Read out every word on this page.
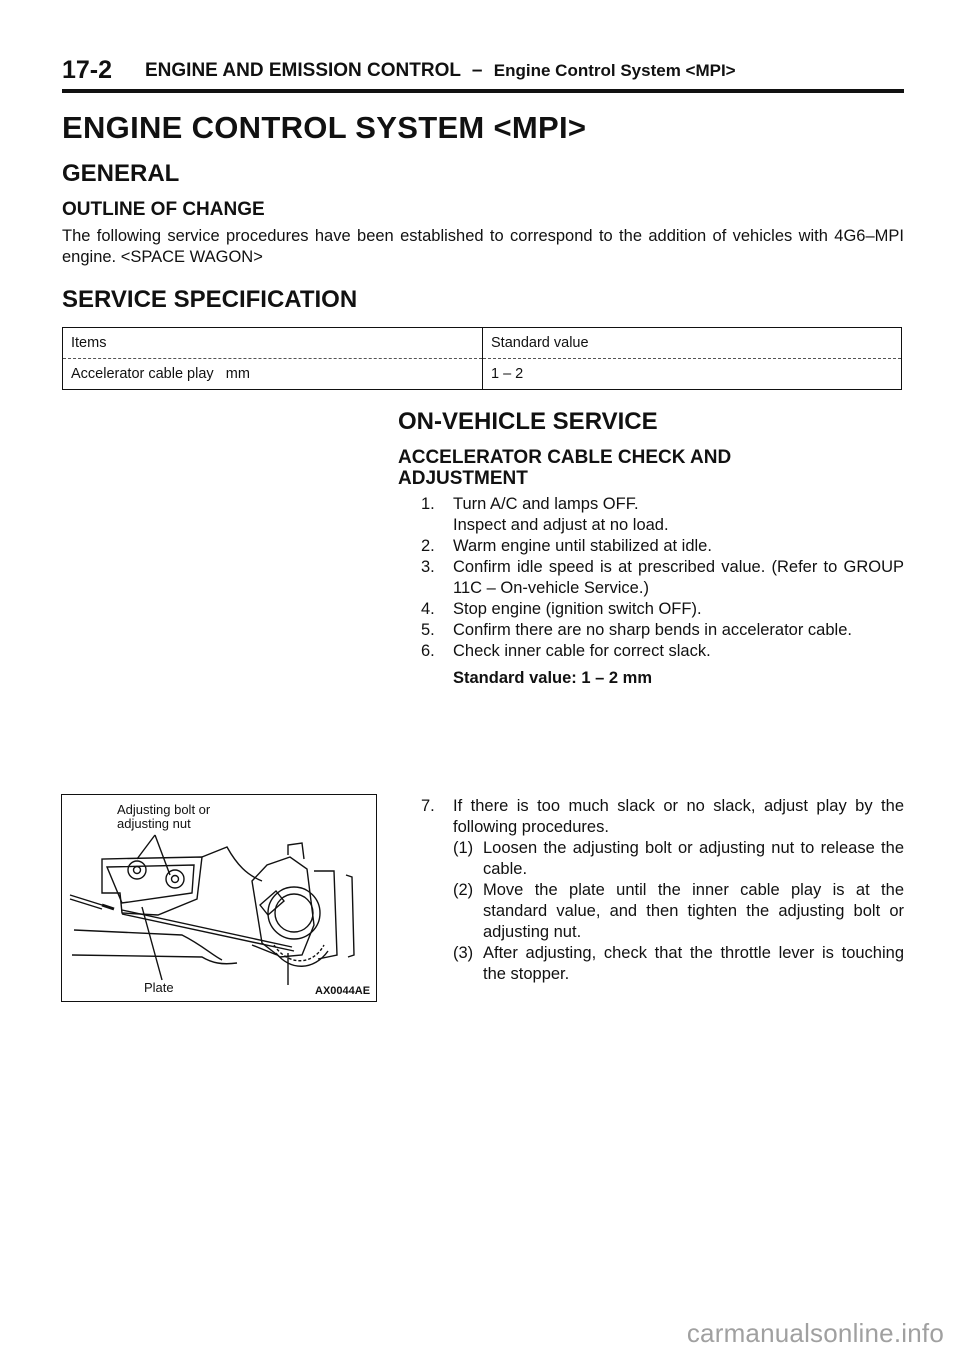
17-2 ENGINE AND EMISSION CONTROL – Engine Control System <MPI>
ENGINE CONTROL SYSTEM <MPI>
GENERAL
OUTLINE OF CHANGE
The following service procedures have been established to correspond to the addition of vehicles with 4G6–MPI engine. <SPACE WAGON>
SERVICE SPECIFICATION
Items	Standard value
Accelerator cable play   mm	1 – 2
ON-VEHICLE SERVICE
ACCELERATOR CABLE CHECK AND ADJUSTMENT
1.	Turn A/C and lamps OFF.
Inspect and adjust at no load.
2.	Warm engine until stabilized at idle.
3.	Confirm idle speed is at prescribed value. (Refer to GROUP 11C – On-vehicle Service.)
4.	Stop engine (ignition switch OFF).
5.	Confirm there are no sharp bends in accelerator cable.
6.	Check inner cable for correct slack.
Standard value: 1 – 2 mm
7.	If there is too much slack or no slack, adjust play by the following procedures.
(1) Loosen the adjusting bolt or adjusting nut to release the cable.
(2) Move the plate until the inner cable play is at the standard value, and then tighten the adjusting bolt or adjusting nut.
(3) After adjusting, check that the throttle lever is touching the stopper.
Adjusting bolt or
adjusting nut
Plate	AX0044AE
carmanualsonline.info
